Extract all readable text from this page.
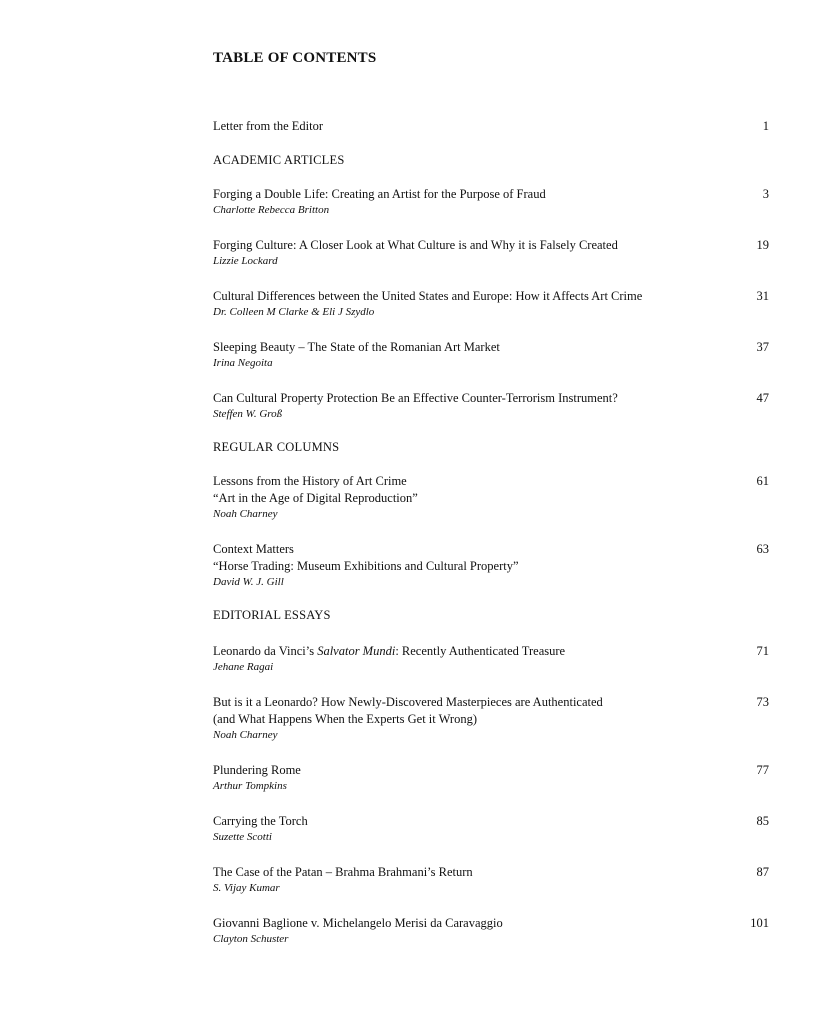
TABLE OF CONTENTS
Letter from the Editor	1
ACADEMIC ARTICLES
Forging a Double Life: Creating an Artist for the Purpose of Fraud
Charlotte Rebecca Britton
3
Forging Culture: A Closer Look at What Culture is and Why it is Falsely Created
Lizzie Lockard
19
Cultural Differences between the United States and Europe: How it Affects Art Crime
Dr. Colleen M Clarke & Eli J Szydlo
31
Sleeping Beauty – The State of the Romanian Art Market
Irina Negoita
37
Can Cultural Property Protection Be an Effective Counter-Terrorism Instrument?
Steffen W. Groß
47
REGULAR COLUMNS
Lessons from the History of Art Crime
“Art in the Age of Digital Reproduction”
Noah Charney
61
Context Matters
“Horse Trading: Museum Exhibitions and Cultural Property”
David W. J. Gill
63
EDITORIAL ESSAYS
Leonardo da Vinci’s Salvator Mundi: Recently Authenticated Treasure
Jehane Ragai
71
But is it a Leonardo? How Newly-Discovered Masterpieces are Authenticated
(and What Happens When the Experts Get it Wrong)
Noah Charney
73
Plundering Rome
Arthur Tompkins
77
Carrying the Torch
Suzette Scotti
85
The Case of the Patan – Brahma Brahmani’s Return
S. Vijay Kumar
87
Giovanni Baglione v. Michelangelo Merisi da Caravaggio
Clayton Schuster
101
